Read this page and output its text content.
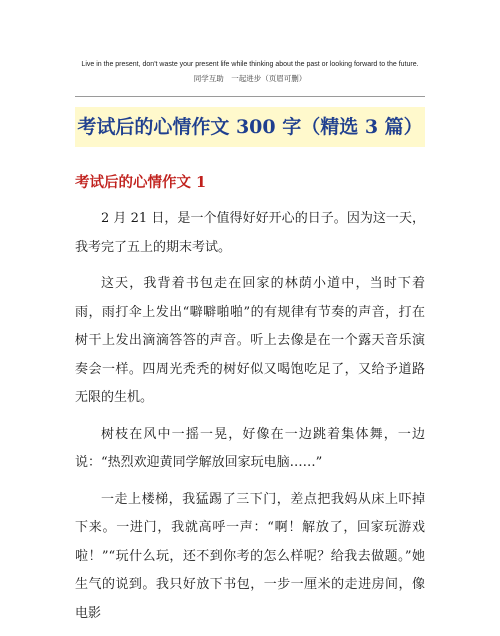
Live in the present, don't waste your present life while thinking about the past or looking forward to the future.
同学互助　一起进步（页眉可删）
考试后的心情作文 300 字（精选 3 篇）
考试后的心情作文 1

2 月 21 日，是一个值得好好开心的日子。因为这一天，我考完了五上的期末考试。

这天，我背着书包走在回家的林荫小道中，当时下着雨，雨打伞上发出“噼噼啪啪”的有规律有节奏的声音，打在树干上发出滴滴答答的声音。听上去像是在一个露天音乐演奏会一样。四周光秃秃的树好似又喝饱吃足了，又给予道路无限的生机。

树枝在风中一摇一晃，好像在一边跳着集体舞，一边说：“热烈欢迎黄同学解放回家玩电脑……”

一走上楼梯，我猛踢了三下门，差点把我妈从床上吓掉下来。一进门，我就高呼一声：“啊！解放了，回家玩游戏啦！”“玩什么玩，还不到你考的怎么样呢？给我去做题。”她生气的说到。我只好放下书包，一步一厘米的走进房间，像电影
